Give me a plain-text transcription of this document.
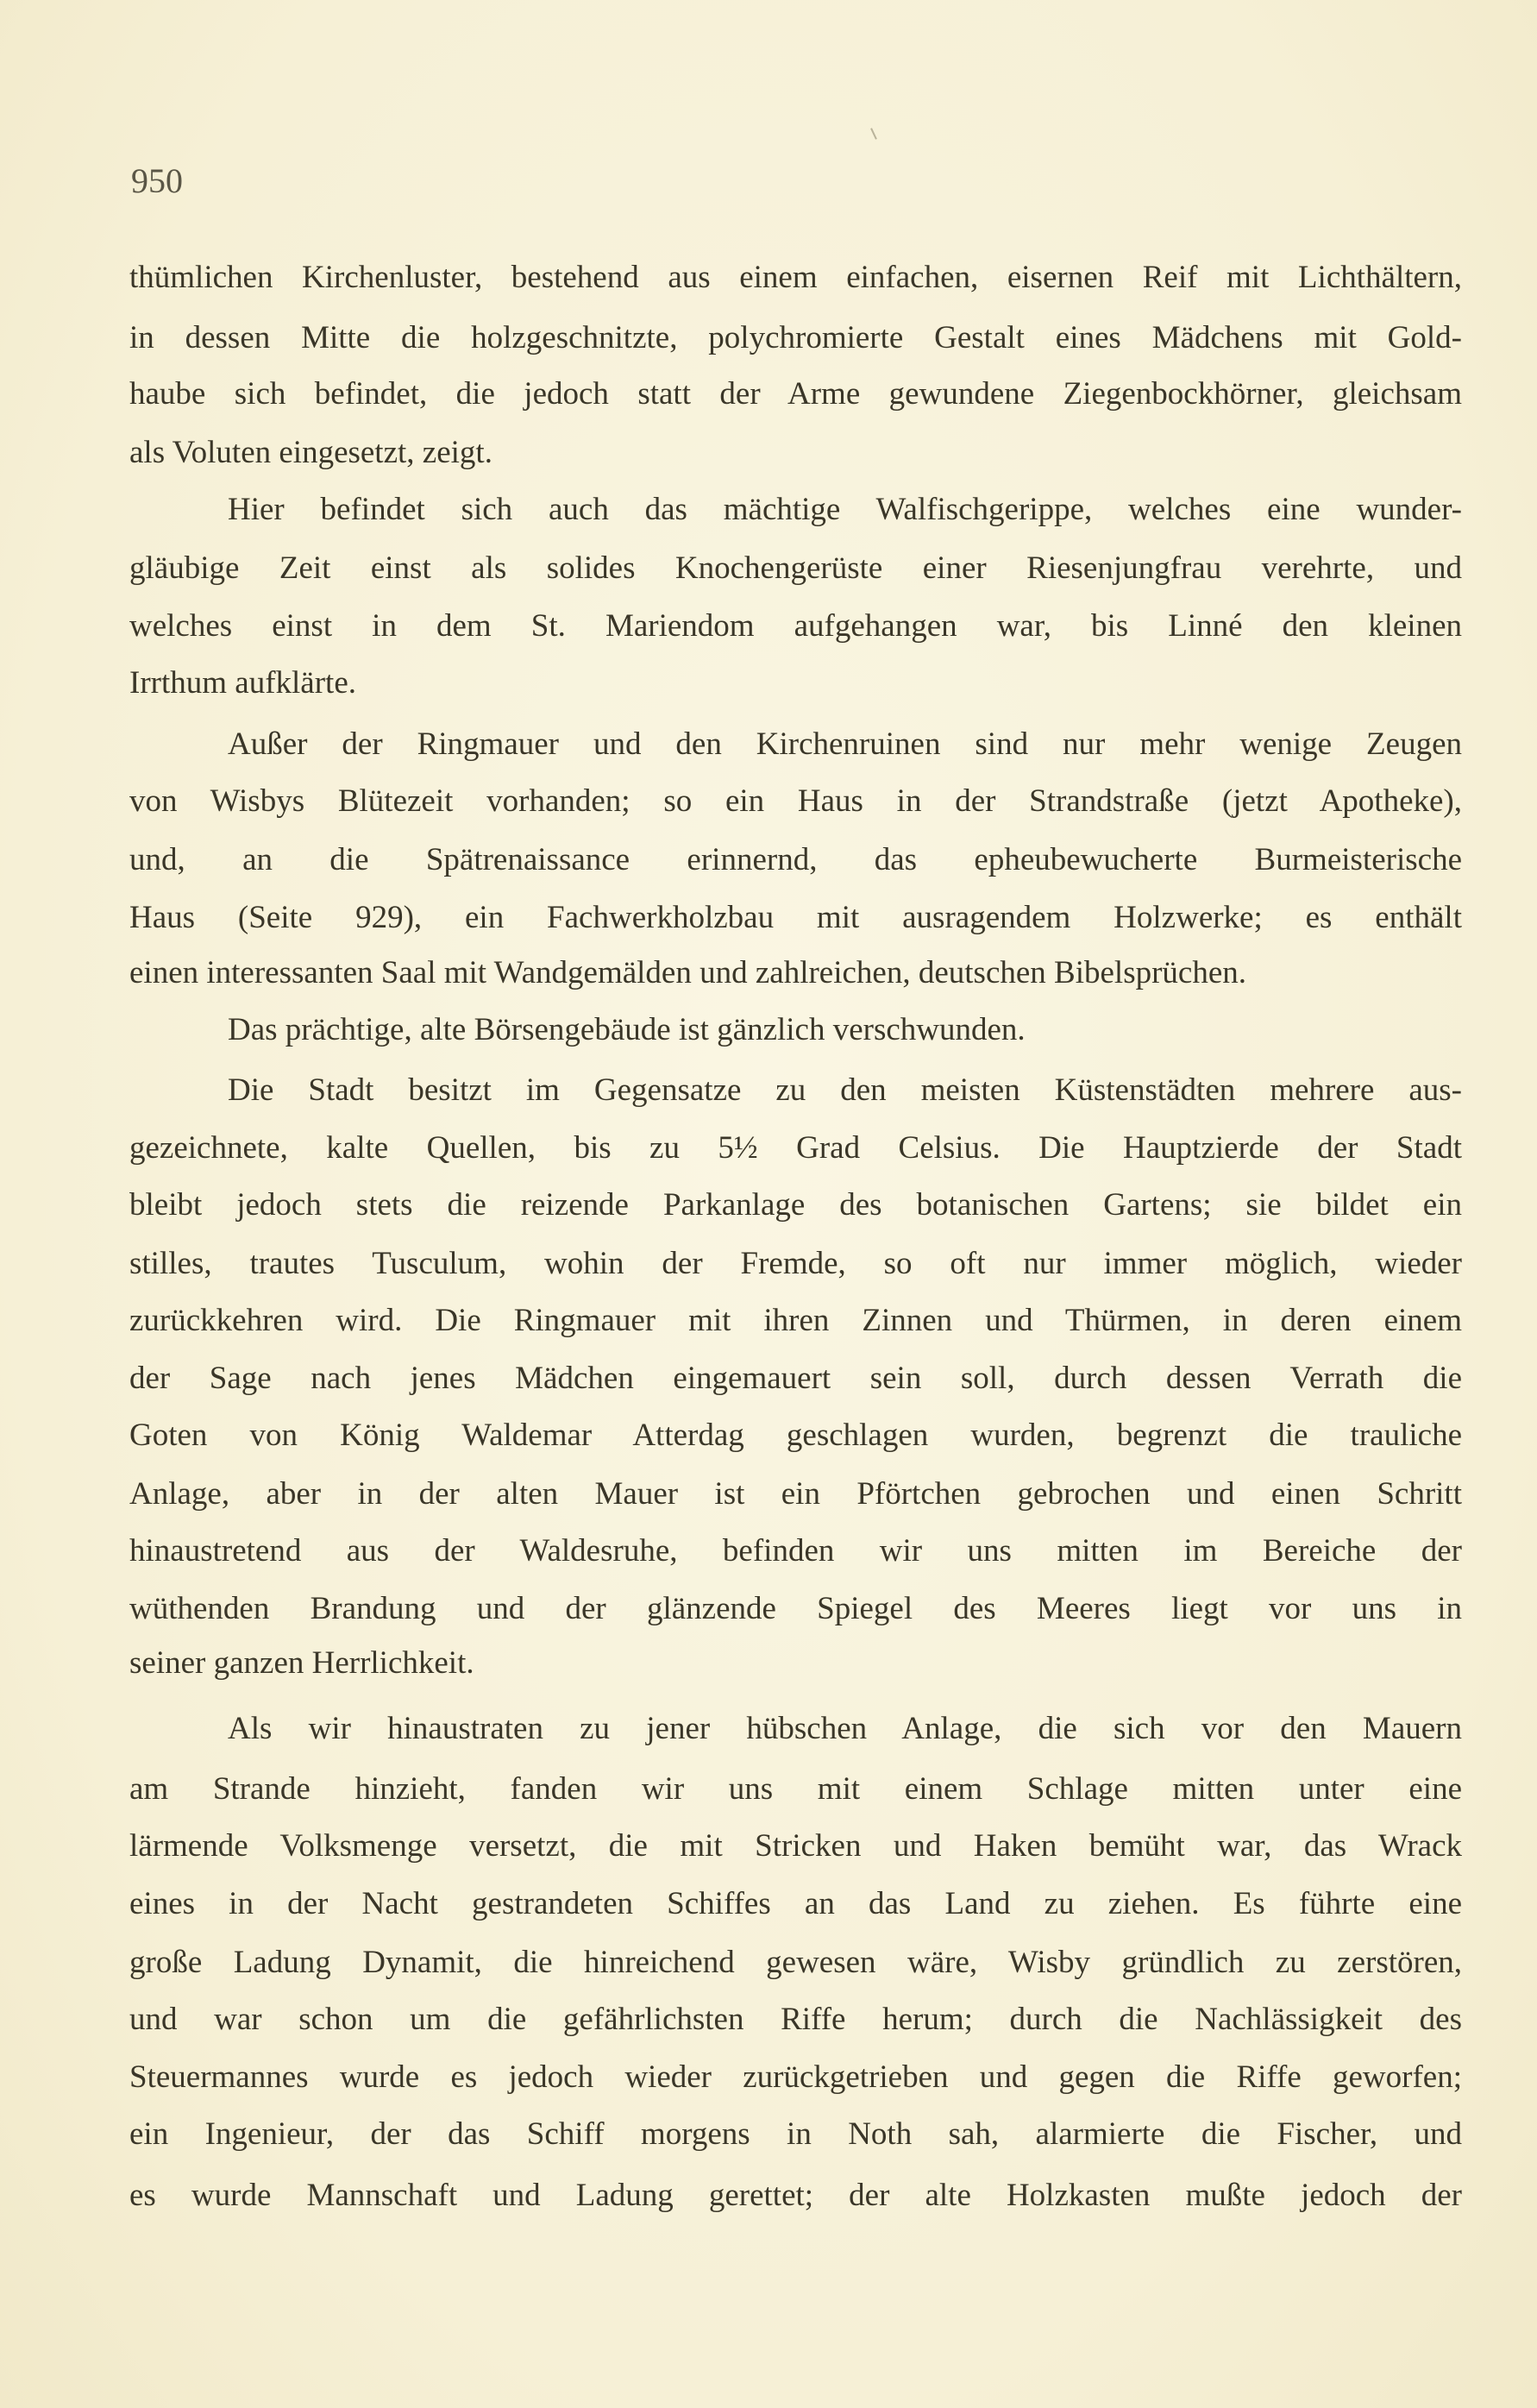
950
thümlichen Kirchenluster, bestehend aus einem einfachen, eisernen Reif mit Lichthältern,
in dessen Mitte die holzgeschnitzte, polychromierte Gestalt eines Mädchens mit Gold-
haube sich befindet, die jedoch statt der Arme gewundene Ziegenbockhörner, gleichsam
als Voluten eingesetzt, zeigt.
Hier befindet sich auch das mächtige Walfischgerippe, welches eine wunder-
gläubige Zeit einst als solides Knochengerüste einer Riesenjungfrau verehrte, und
welches einst in dem St. Mariendom aufgehangen war, bis Linné den kleinen
Irrthum aufklärte.
Außer der Ringmauer und den Kirchenruinen sind nur mehr wenige Zeugen
von Wisbys Blütezeit vorhanden; so ein Haus in der Strandstraße (jetzt Apotheke),
und, an die Spätrenaissance erinnernd, das epheubewucherte Burmeisterische
Haus (Seite 929), ein Fachwerkholzbau mit ausragendem Holzwerke; es enthält
einen interessanten Saal mit Wandgemälden und zahlreichen, deutschen Bibelsprüchen.
Das prächtige, alte Börsengebäude ist gänzlich verschwunden.
Die Stadt besitzt im Gegensatze zu den meisten Küstenstädten mehrere aus-
gezeichnete, kalte Quellen, bis zu 5½ Grad Celsius. Die Hauptzierde der Stadt
bleibt jedoch stets die reizende Parkanlage des botanischen Gartens; sie bildet ein
stilles, trautes Tusculum, wohin der Fremde, so oft nur immer möglich, wieder
zurückkehren wird. Die Ringmauer mit ihren Zinnen und Thürmen, in deren einem
der Sage nach jenes Mädchen eingemauert sein soll, durch dessen Verrath die
Goten von König Waldemar Atterdag geschlagen wurden, begrenzt die trauliche
Anlage, aber in der alten Mauer ist ein Pförtchen gebrochen und einen Schritt
hinaustretend aus der Waldesruhe, befinden wir uns mitten im Bereiche der
wüthenden Brandung und der glänzende Spiegel des Meeres liegt vor uns in
seiner ganzen Herrlichkeit.
Als wir hinaustraten zu jener hübschen Anlage, die sich vor den Mauern
am Strande hinzieht, fanden wir uns mit einem Schlage mitten unter eine
lärmende Volksmenge versetzt, die mit Stricken und Haken bemüht war, das Wrack
eines in der Nacht gestrandeten Schiffes an das Land zu ziehen. Es führte eine
große Ladung Dynamit, die hinreichend gewesen wäre, Wisby gründlich zu zerstören,
und war schon um die gefährlichsten Riffe herum; durch die Nachlässigkeit des
Steuermannes wurde es jedoch wieder zurückgetrieben und gegen die Riffe geworfen;
ein Ingenieur, der das Schiff morgens in Noth sah, alarmierte die Fischer, und
es wurde Mannschaft und Ladung gerettet; der alte Holzkasten mußte jedoch der
